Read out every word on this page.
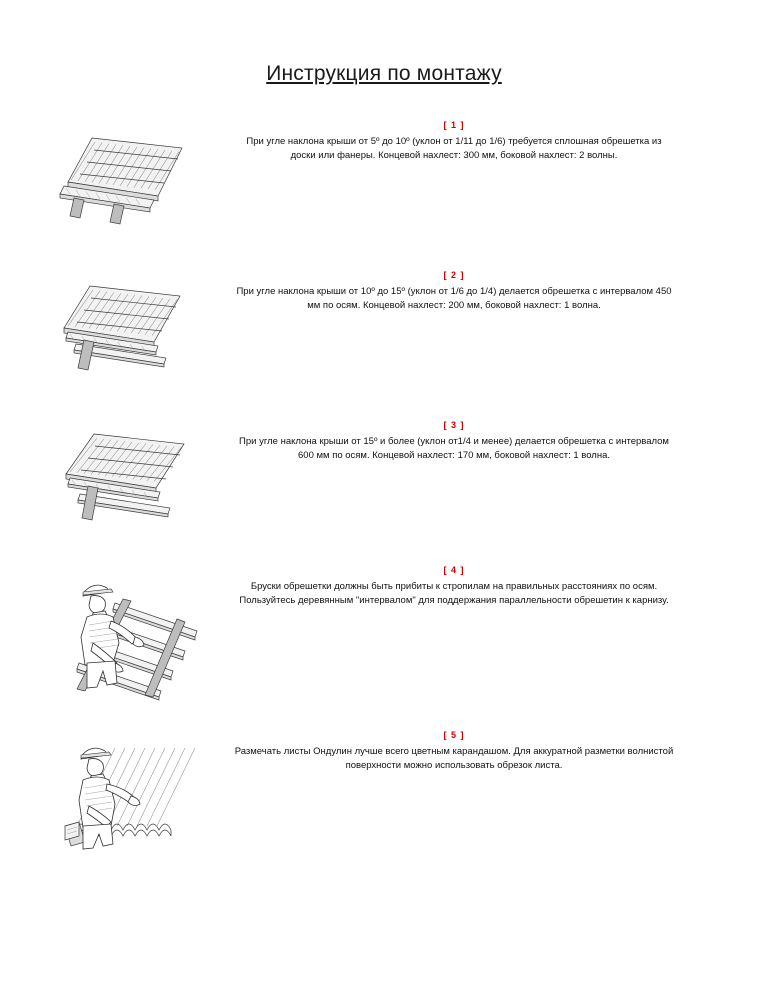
Инструкция по монтажу

[ 1 ]

При угле наклона крыши от 5º до 10º (уклон от 1/11 до 1/6) требуется сплошная обрешетка из доски или фанеры. Концевой нахлест: 300 мм, боковой нахлест: 2 волны.

[ 2 ]

При угле наклона крыши от 10º до 15º (уклон от 1/6 до 1/4) делается обрешетка с интервалом 450 мм по осям. Концевой нахлест: 200 мм, боковой нахлест: 1 волна.

[ 3 ]

При угле наклона крыши от 15º и более (уклон от1/4 и менее) делается обрешетка с интервалом 600 мм по осям. Концевой нахлест: 170 мм, боковой нахлест: 1 волна.

[ 4 ]

Бруски обрешетки должны быть прибиты к стропилам на правильных расстояниях по осям. Пользуйтесь деревянным "интервалом" для поддержания параллельности обрешетин к карнизу.

[ 5 ]

Размечать листы Ондулин лучше всего цветным карандашом. Для аккуратной разметки волнистой поверхности можно использовать обрезок листа.
